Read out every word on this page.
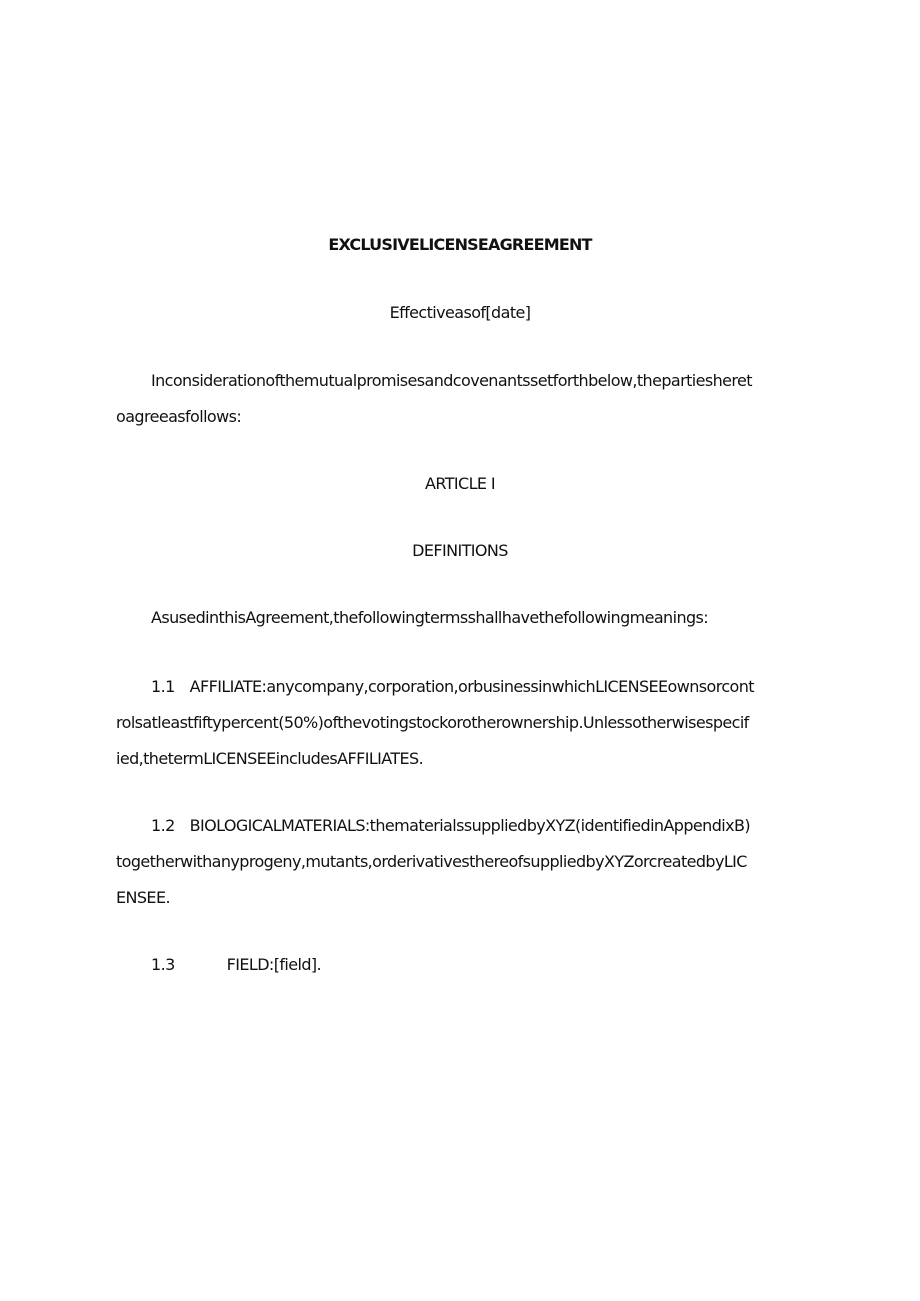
EXCLUSIVELICENSEAGREEMENT
Effectiveasof[date]
Inconsiderationofthemutualpromisesandcovenantssetforthbelow,thepartiesheret
oagreeasfollows:
ARTICLE I
DEFINITIONS
AsusedinthisAgreement,thefollowingtermsshallhavethefollowingmeanings:
1.1 AFFILIATE:anycompany,corporation,orbusinessinwhichLICENSEEownsorcont
rolsatleastfiftypercent(50%)ofthevotingstockorotherownership.Unlessotherwisespecif
ied,thetermLICENSEEincludesAFFILIATES.
1.2 BIOLOGICALMATERIALS:thematerialssuppliedbyXYZ(identifiedinAppendixB)
togetherwithanyprogeny,mutants,orderivativesthereofsuppliedbyXYZorcreatedbyLIC
ENSEE.
1.3	FIELD:[field].
